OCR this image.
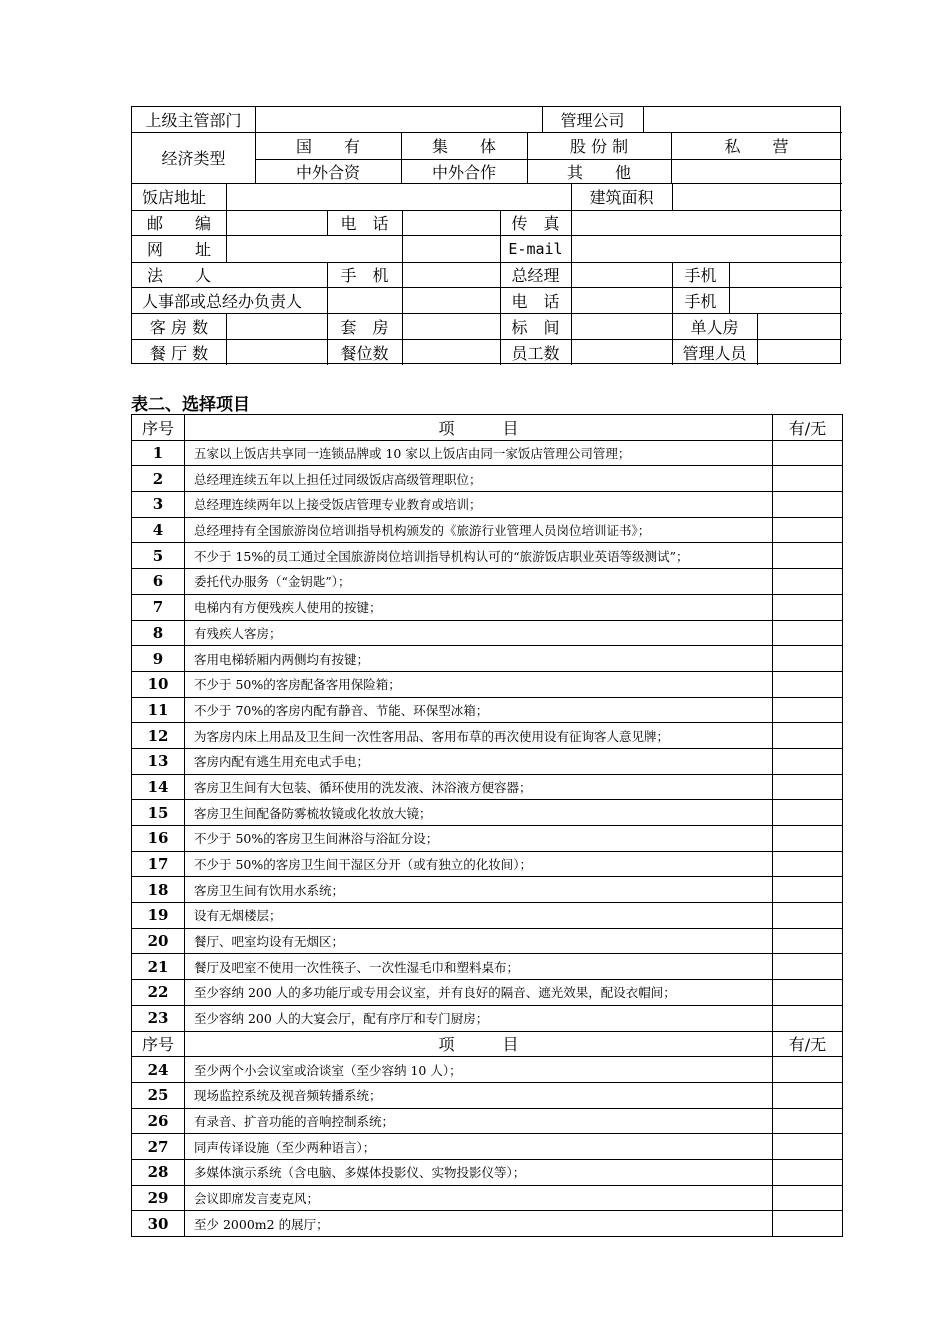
上级主管部门	管理公司
经济类型
国　　有	集　　体	股 份 制	私　　营
中外合资	中外合作	其　　他
饭店地址	建筑面积
邮　　编	电　话	传　真
网　　址	E-mail
法　　人	手　机	总经理	手机
人事部或总经办负责人	电　话	手机
客 房 数	套　房	标　间	单人房
餐 厅 数	餐位数	员工数	管理人员
表二、选择项目
序号	项　　　目	有/无
1	五家以上饭店共享同一连锁品牌或 10 家以上饭店由同一家饭店管理公司管理；	
2	总经理连续五年以上担任过同级饭店高级管理职位；	
3	总经理连续两年以上接受饭店管理专业教育或培训；	
4	总经理持有全国旅游岗位培训指导机构颁发的《旅游行业管理人员岗位培训证书》；	
5	不少于 15%的员工通过全国旅游岗位培训指导机构认可的“旅游饭店职业英语等级测试”；	
6	委托代办服务（“金钥匙”）；	
7	电梯内有方便残疾人使用的按键；	
8	有残疾人客房；	
9	客用电梯轿厢内两侧均有按键；	
10	不少于 50%的客房配备客用保险箱；	
11	不少于 70%的客房内配有静音、节能、环保型冰箱；	
12	为客房内床上用品及卫生间一次性客用品、客用布草的再次使用设有征询客人意见牌；	
13	客房内配有逃生用充电式手电；	
14	客房卫生间有大包装、循环使用的洗发液、沐浴液方便容器；	
15	客房卫生间配备防雾梳妆镜或化妆放大镜；	
16	不少于 50%的客房卫生间淋浴与浴缸分设；	
17	不少于 50%的客房卫生间干湿区分开（或有独立的化妆间）；	
18	客房卫生间有饮用水系统；	
19	设有无烟楼层；	
20	餐厅、吧室均设有无烟区；	
21	餐厅及吧室不使用一次性筷子、一次性湿毛巾和塑料桌布；	
22	至少容纳 200 人的多功能厅或专用会议室，并有良好的隔音、遮光效果，配设衣帽间；	
23	至少容纳 200 人的大宴会厅，配有序厅和专门厨房；	
序号	项　　　目	有/无
24	至少两个小会议室或洽谈室（至少容纳 10 人）；	
25	现场监控系统及视音频转播系统；	
26	有录音、扩音功能的音响控制系统；	
27	同声传译设施（至少两种语言）；	
28	多媒体演示系统（含电脑、多媒体投影仪、实物投影仪等）；	
29	会议即席发言麦克风；	
30	至少 2000m2 的展厅；	
